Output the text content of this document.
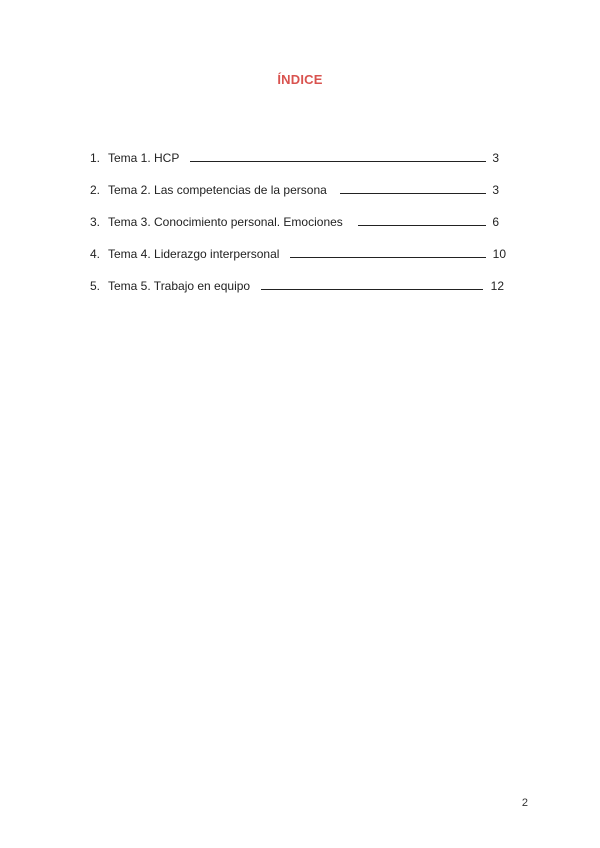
ÍNDICE
1. Tema 1. HCP	3
2. Tema 2. Las competencias de la persona	3
3. Tema 3. Conocimiento personal. Emociones	6
4. Tema 4. Liderazgo interpersonal	10
5. Tema 5. Trabajo en equipo	12
2
